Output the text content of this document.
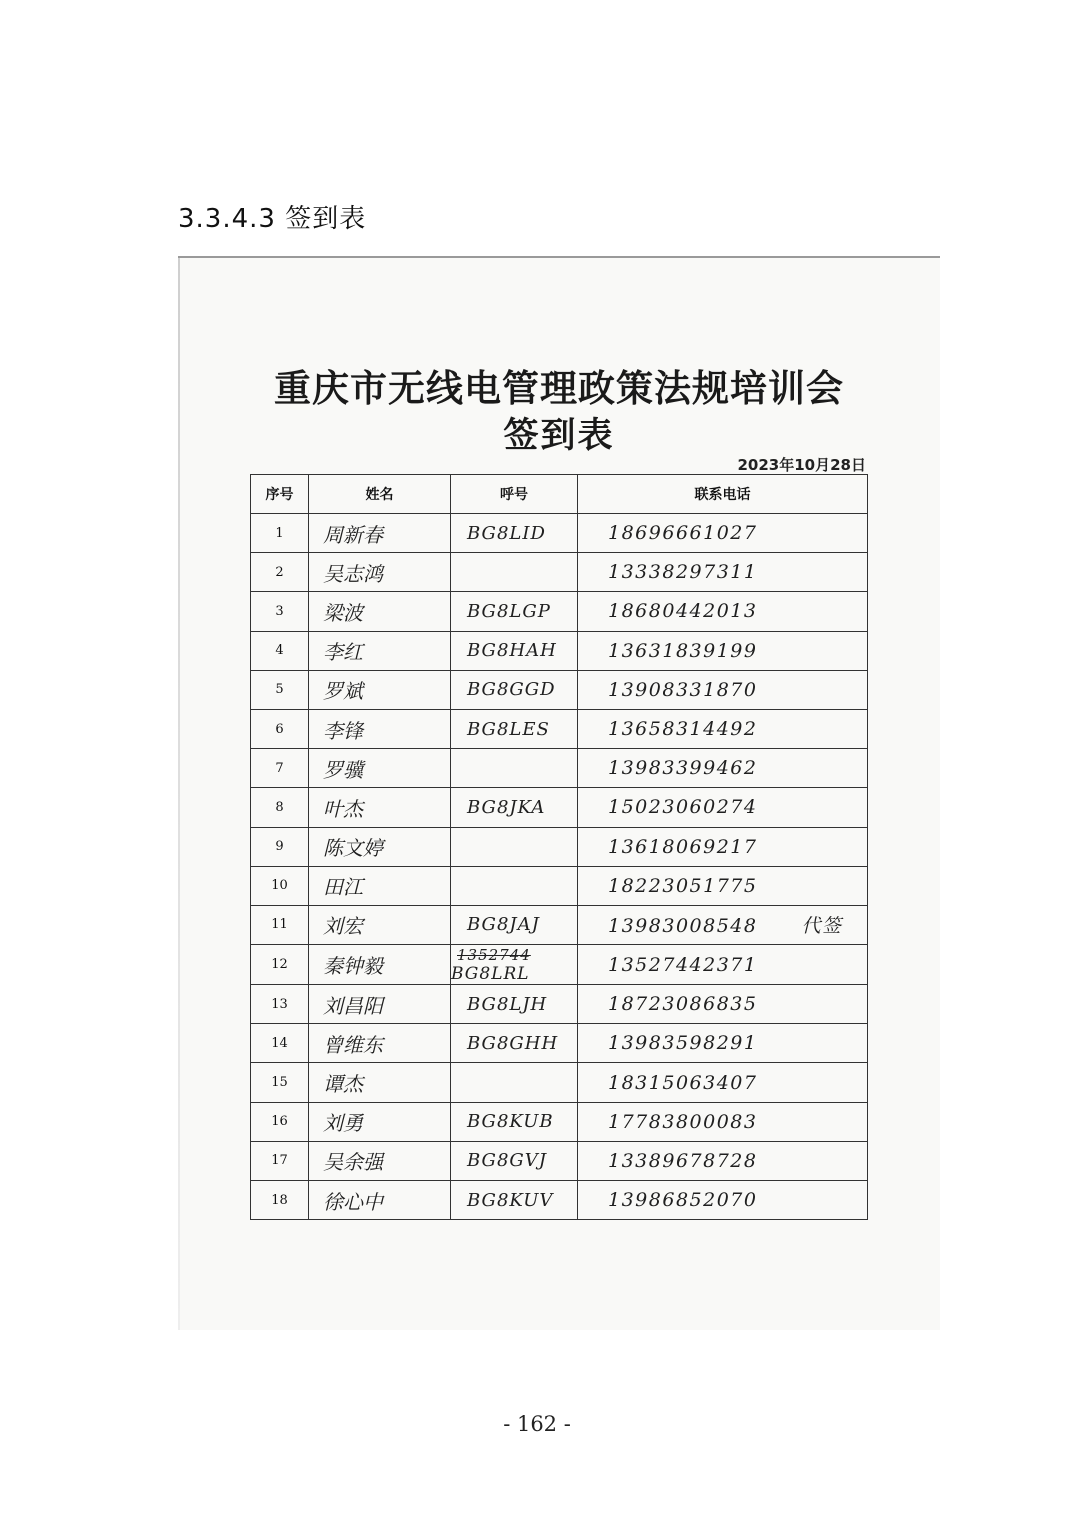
3.3.4.3 签到表
重庆市无线电管理政策法规培训会
签到表
2023年10月28日
序号	姓名	呼号	联系电话
1	周新春	BG8LID	18696661027
2	吴志鸿		13338297311
3	梁波	BG8LGP	18680442013
4	李红	BG8HAH	13631839199
5	罗斌	BG8GGD	13908331870
6	李锋	BG8LES	13658314492
7	罗骥		13983399462
8	叶杰	BG8JKA	15023060274
9	陈文婷		13618069217
10	田江		18223051775
11	刘宏	BG8JAJ	13983008548 代签
12	秦钟毅	1352744BG8LRL	13527442371
13	刘昌阳	BG8LJH	18723086835
14	曾维东	BG8GHH	13983598291
15	谭杰		18315063407
16	刘勇	BG8KUB	17783800083
17	吴余强	BG8GVJ	13389678728
18	徐心中	BG8KUV	13986852070
- 162 -
